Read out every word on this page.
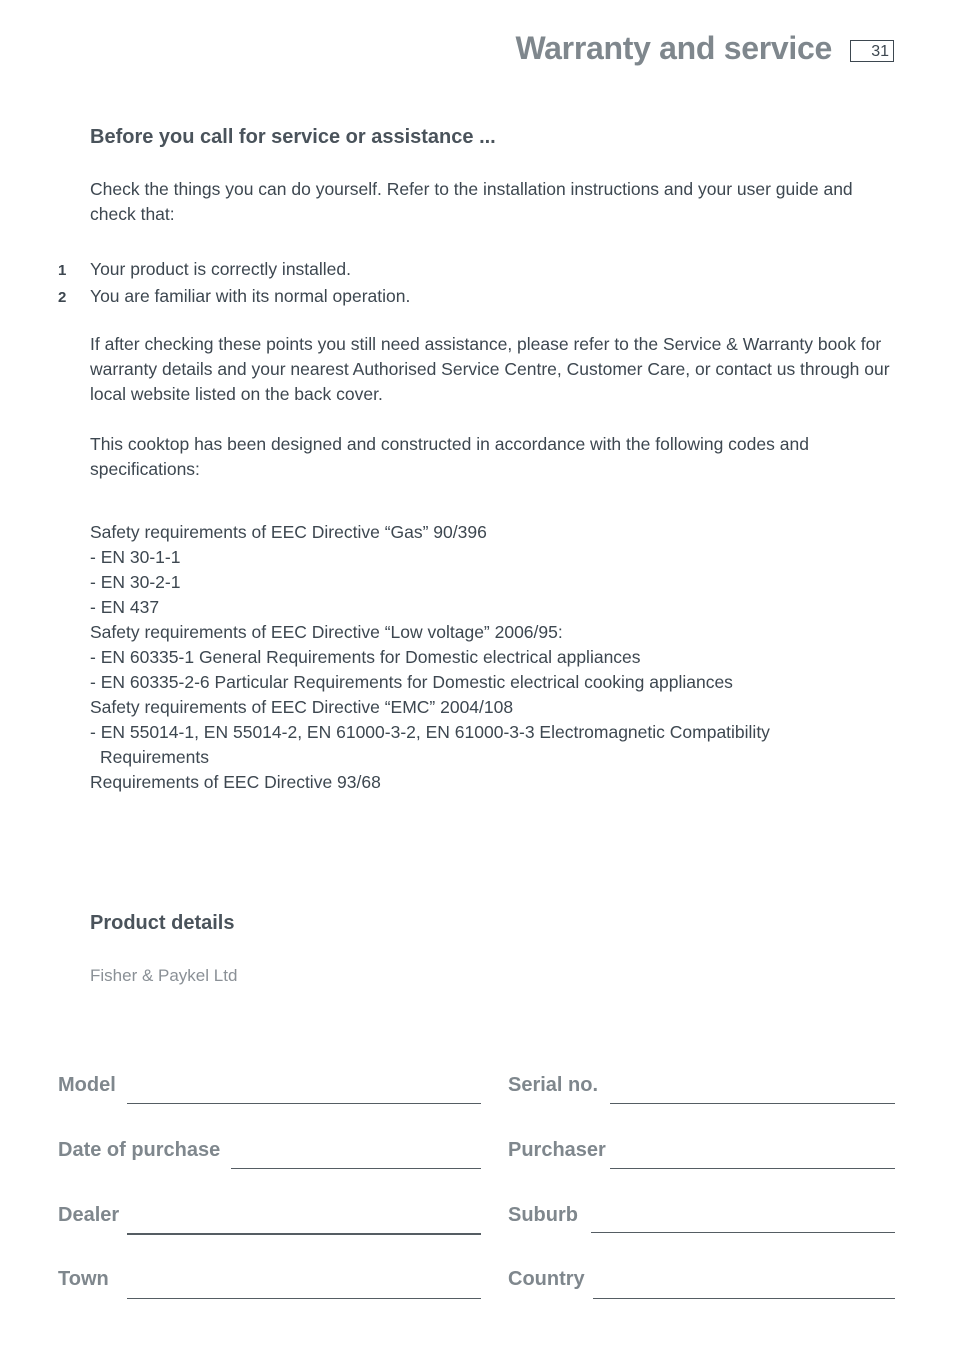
Warranty and service	31
Before you call for service or assistance ...
Check the things you can do yourself. Refer to the installation instructions and your user guide and check that:
1 Your product is correctly installed.
2 You are familiar with its normal operation.
If after checking these points you still need assistance, please refer to the Service & Warranty book for warranty details and your nearest Authorised Service Centre, Customer Care, or contact us through our local website listed on the back cover.
This cooktop has been designed and constructed in accordance with the following codes and specifications:
Safety requirements of EEC Directive “Gas” 90/396
- EN 30-1-1
- EN 30-2-1
- EN 437
Safety requirements of EEC Directive “Low voltage” 2006/95:
- EN 60335-1 General Requirements for Domestic electrical appliances
- EN 60335-2-6 Particular Requirements for Domestic electrical cooking appliances
Safety requirements of EEC Directive “EMC” 2004/108
- EN 55014-1, EN 55014-2, EN 61000-3-2, EN 61000-3-3 Electromagnetic Compatibility
Requirements
Requirements of EEC Directive 93/68
Product details
Fisher & Paykel Ltd
Model	Serial no.
Date of purchase	Purchaser
Dealer	Suburb
Town	Country
